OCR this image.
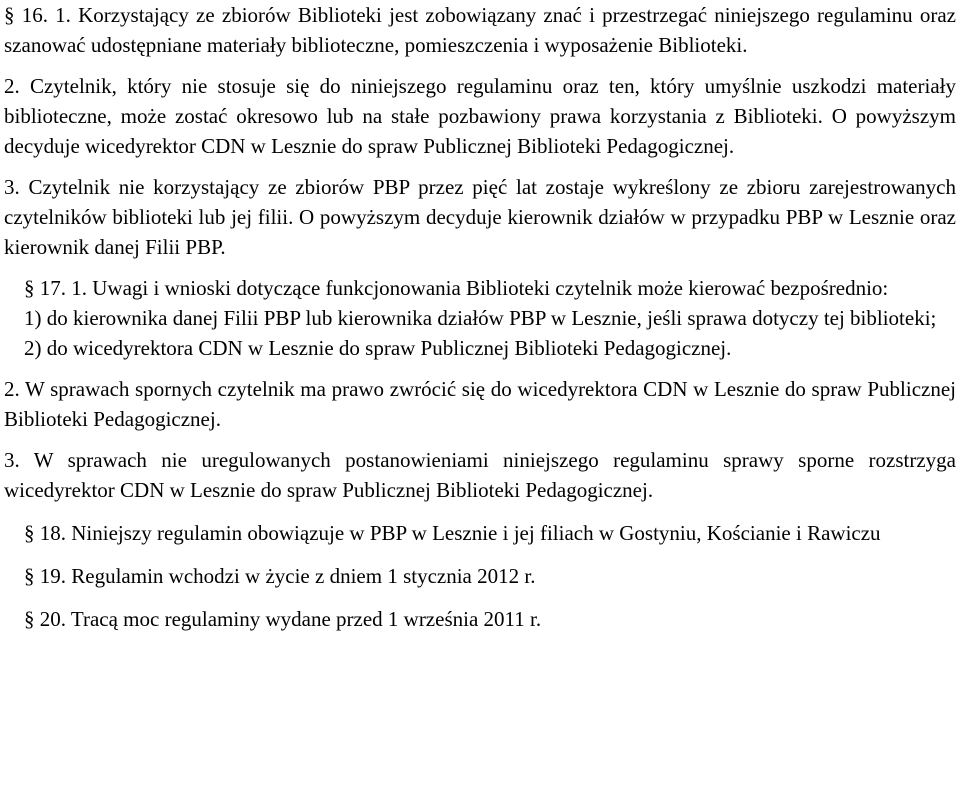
§ 16. 1. Korzystający ze zbiorów Biblioteki jest zobowiązany znać i przestrzegać niniejszego regulaminu oraz szanować udostępniane materiały biblioteczne, pomieszczenia i wyposażenie Biblioteki.

2. Czytelnik, który nie stosuje się do niniejszego regulaminu oraz ten, który umyślnie uszkodzi materiały biblioteczne, może zostać okresowo lub na stałe pozbawiony prawa korzystania z Biblioteki. O powyższym decyduje wicedyrektor CDN w Lesznie do spraw Publicznej Biblioteki Pedagogicznej.

3. Czytelnik nie korzystający ze zbiorów PBP przez pięć lat zostaje wykreślony ze zbioru zarejestrowanych czytelników biblioteki lub jej filii. O powyższym decyduje kierownik działów w przypadku PBP w Lesznie oraz kierownik danej Filii PBP.

§ 17. 1. Uwagi i wnioski dotyczące funkcjonowania Biblioteki czytelnik może kierować bezpośrednio:

1) do kierownika danej Filii PBP lub kierownika działów PBP w Lesznie, jeśli sprawa dotyczy tej biblioteki;

2) do wicedyrektora CDN w Lesznie do spraw Publicznej Biblioteki Pedagogicznej.

2. W sprawach spornych czytelnik ma prawo zwrócić się do wicedyrektora CDN w Lesznie do spraw Publicznej Biblioteki Pedagogicznej.

3. W sprawach nie uregulowanych postanowieniami niniejszego regulaminu sprawy sporne rozstrzyga wicedyrektor CDN w Lesznie do spraw Publicznej Biblioteki Pedagogicznej.

§ 18. Niniejszy regulamin obowiązuje w PBP w Lesznie i jej filiach w Gostyniu, Kościanie i Rawiczu

§ 19. Regulamin wchodzi w życie z dniem 1 stycznia 2012 r.

§ 20. Tracą moc regulaminy wydane przed 1 września 2011 r.
